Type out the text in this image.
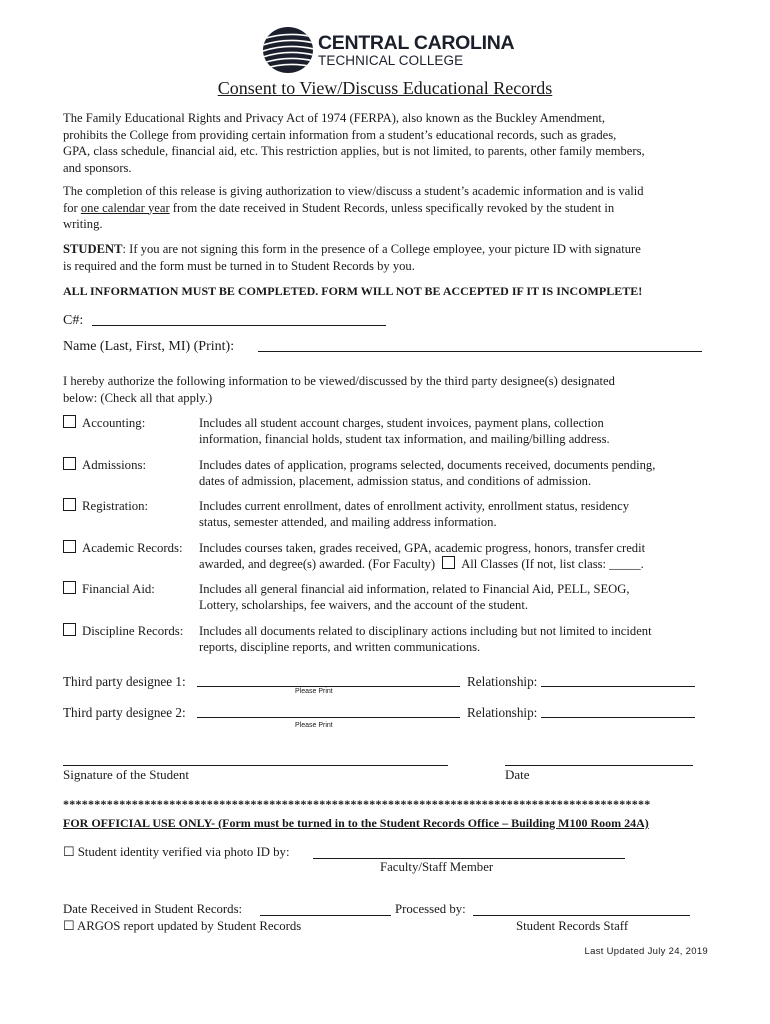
CENTRAL CAROLINA
TECHNICAL COLLEGE
Consent to View/Discuss Educational Records
The Family Educational Rights and Privacy Act of 1974 (FERPA), also known as the Buckley Amendment,
prohibits the College from providing certain information from a student’s educational records, such as grades,
GPA, class schedule, financial aid, etc. This restriction applies, but is not limited, to parents, other family members,
and sponsors.
The completion of this release is giving authorization to view/discuss a student’s academic information and is valid
for one calendar year from the date received in Student Records, unless specifically revoked by the student in
writing.
STUDENT: If you are not signing this form in the presence of a College employee, your picture ID with signature
is required and the form must be turned in to Student Records by you.
ALL INFORMATION MUST BE COMPLETED. FORM WILL NOT BE ACCEPTED IF IT IS INCOMPLETE!
C#:
Name (Last, First, MI) (Print):
I hereby authorize the following information to be viewed/discussed by the third party designee(s) designated
below: (Check all that apply.)
Accounting:	Includes all student account charges, student invoices, payment plans, collection
information, financial holds, student tax information, and mailing/billing address.
Admissions:	Includes dates of application, programs selected, documents received, documents pending,
dates of admission, placement, admission status, and conditions of admission.
Registration:	Includes current enrollment, dates of enrollment activity, enrollment status, residency
status, semester attended, and mailing address information.
Academic Records: Includes courses taken, grades received, GPA, academic progress, honors, transfer credit
awarded, and degree(s) awarded. (For Faculty) All Classes (If not, list class: _____.
Financial Aid:	Includes all general financial aid information, related to Financial Aid, PELL, SEOG,
Lottery, scholarships, fee waivers, and the account of the student.
Discipline Records: Includes all documents related to disciplinary actions including but not limited to incident
reports, discipline reports, and written communications.
Third party designee 1:
Please Print
Relationship:
Third party designee 2:
Please Print
Relationship:
Signature of the Student	Date
**********************************************************************************************
FOR OFFICIAL USE ONLY- (Form must be turned in to the Student Records Office – Building M100 Room 24A)
☐ Student identity verified via photo ID by:
Faculty/Staff Member
Date Received in Student Records:	Processed by:
☐ ARGOS report updated by Student Records	Student Records Staff
Last Updated July 24, 2019
